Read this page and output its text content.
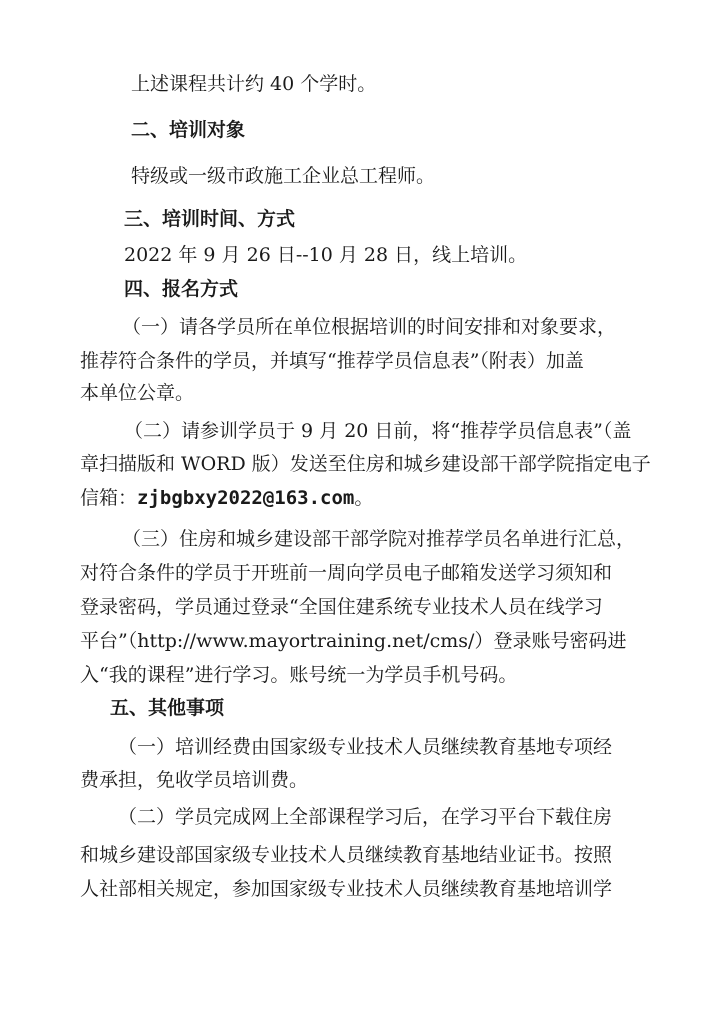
上述课程共计约 40 个学时。
二、培训对象
特级或一级市政施工企业总工程师。
三、培训时间、方式
2022 年 9 月 26 日--10 月 28 日，线上培训。
四、报名方式
（一）请各学员所在单位根据培训的时间安排和对象要求，
推荐符合条件的学员，并填写“推荐学员信息表”（附表）加盖
本单位公章。
（二）请参训学员于 9 月 20 日前，将“推荐学员信息表”（盖
章扫描版和 WORD 版）发送至住房和城乡建设部干部学院指定电子
信箱：zjbgbxy2022@163.com。
（三）住房和城乡建设部干部学院对推荐学员名单进行汇总，
对符合条件的学员于开班前一周向学员电子邮箱发送学习须知和
登录密码，学员通过登录“全国住建系统专业技术人员在线学习
平台”（http://www.mayortraining.net/cms/）登录账号密码进
入“我的课程”进行学习。账号统一为学员手机号码。
五、其他事项
（一）培训经费由国家级专业技术人员继续教育基地专项经
费承担，免收学员培训费。
（二）学员完成网上全部课程学习后，在学习平台下载住房
和城乡建设部国家级专业技术人员继续教育基地结业证书。按照
人社部相关规定，参加国家级专业技术人员继续教育基地培训学
